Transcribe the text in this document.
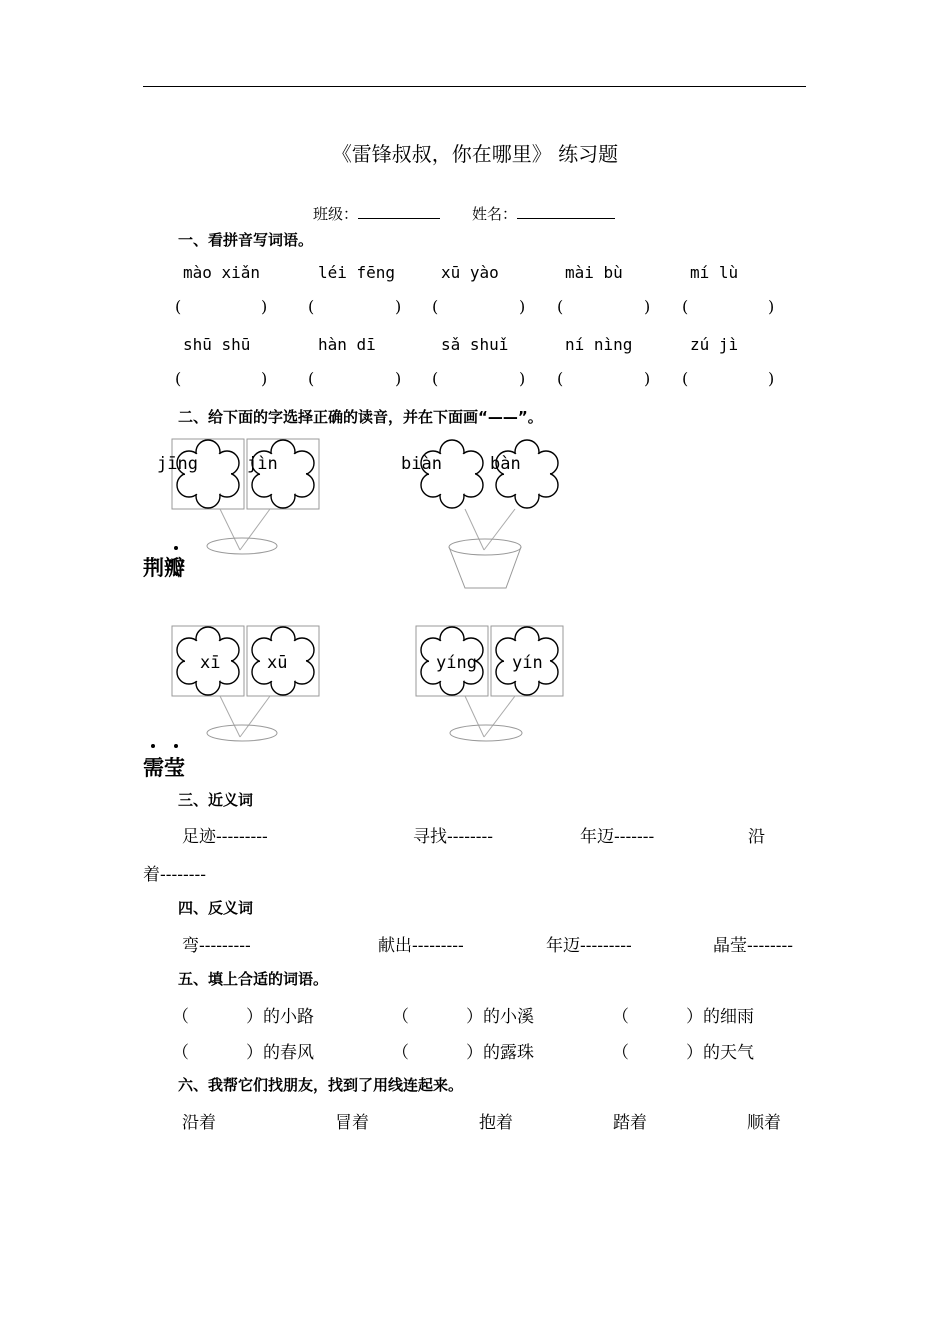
《雷锋叔叔，你在哪里》 练习题
班级：	姓名：
一、看拼音写词语。
mào xiǎn	léi fēng	xū yào	mài bù	mí lù
(	)	(	) (	) (	) (	)
shū shū	hàn dī	sǎ shuǐ	ní nìng	zú jì
(	)	(	) (	) (	) (	)
二、给下面的字选择正确的读音，并在下面画“——”。
jīng	jìn	biàn	bàn
荆瓣
xī	xū	yíng yín
需莹
三、近义词
足迹---------	寻找--------	年迈-------	沿
着--------
四、反义词
弯---------	献出---------	年迈---------	晶莹--------
五、填上合适的词语。
（	）的小路	（	）的小溪	（	）的细雨
（	）的春风	（	）的露珠	（	）的天气
六、我帮它们找朋友，找到了用线连起来。
沿着	冒着	抱着	踏着	顺着
